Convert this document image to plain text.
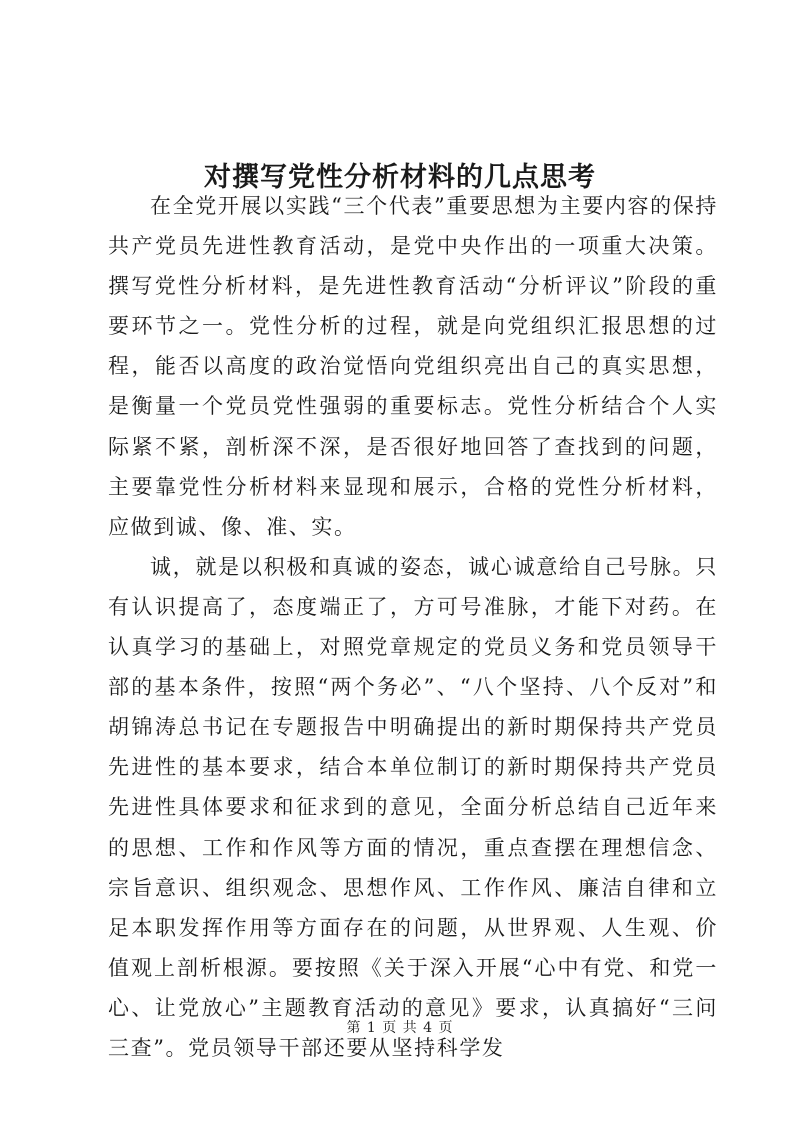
对撰写党性分析材料的几点思考

在全党开展以实践“三个代表”重要思想为主要内容的保持共产党员先进性教育活动，是党中央作出的一项重大决策。撰写党性分析材料，是先进性教育活动“分析评议”阶段的重要环节之一。党性分析的过程，就是向党组织汇报思想的过程，能否以高度的政治觉悟向党组织亮出自己的真实思想，是衡量一个党员党性强弱的重要标志。党性分析结合个人实际紧不紧，剖析深不深，是否很好地回答了查找到的问题，主要靠党性分析材料来显现和展示，合格的党性分析材料，应做到诚、像、准、实。

诚，就是以积极和真诚的姿态，诚心诚意给自己号脉。只有认识提高了，态度端正了，方可号准脉，才能下对药。在认真学习的基础上，对照党章规定的党员义务和党员领导干部的基本条件，按照“两个务必”、“八个坚持、八个反对”和胡锦涛总书记在专题报告中明确提出的新时期保持共产党员先进性的基本要求，结合本单位制订的新时期保持共产党员先进性具体要求和征求到的意见，全面分析总结自己近年来的思想、工作和作风等方面的情况，重点查摆在理想信念、宗旨意识、组织观念、思想作风、工作作风、廉洁自律和立足本职发挥作用等方面存在的问题，从世界观、人生观、价值观上剖析根源。要按照《关于深入开展“心中有党、和党一心、让党放心”主题教育活动的意见》要求，认真搞好“三问三查”。党员领导干部还要从坚持科学发

第 1 页 共 4 页
